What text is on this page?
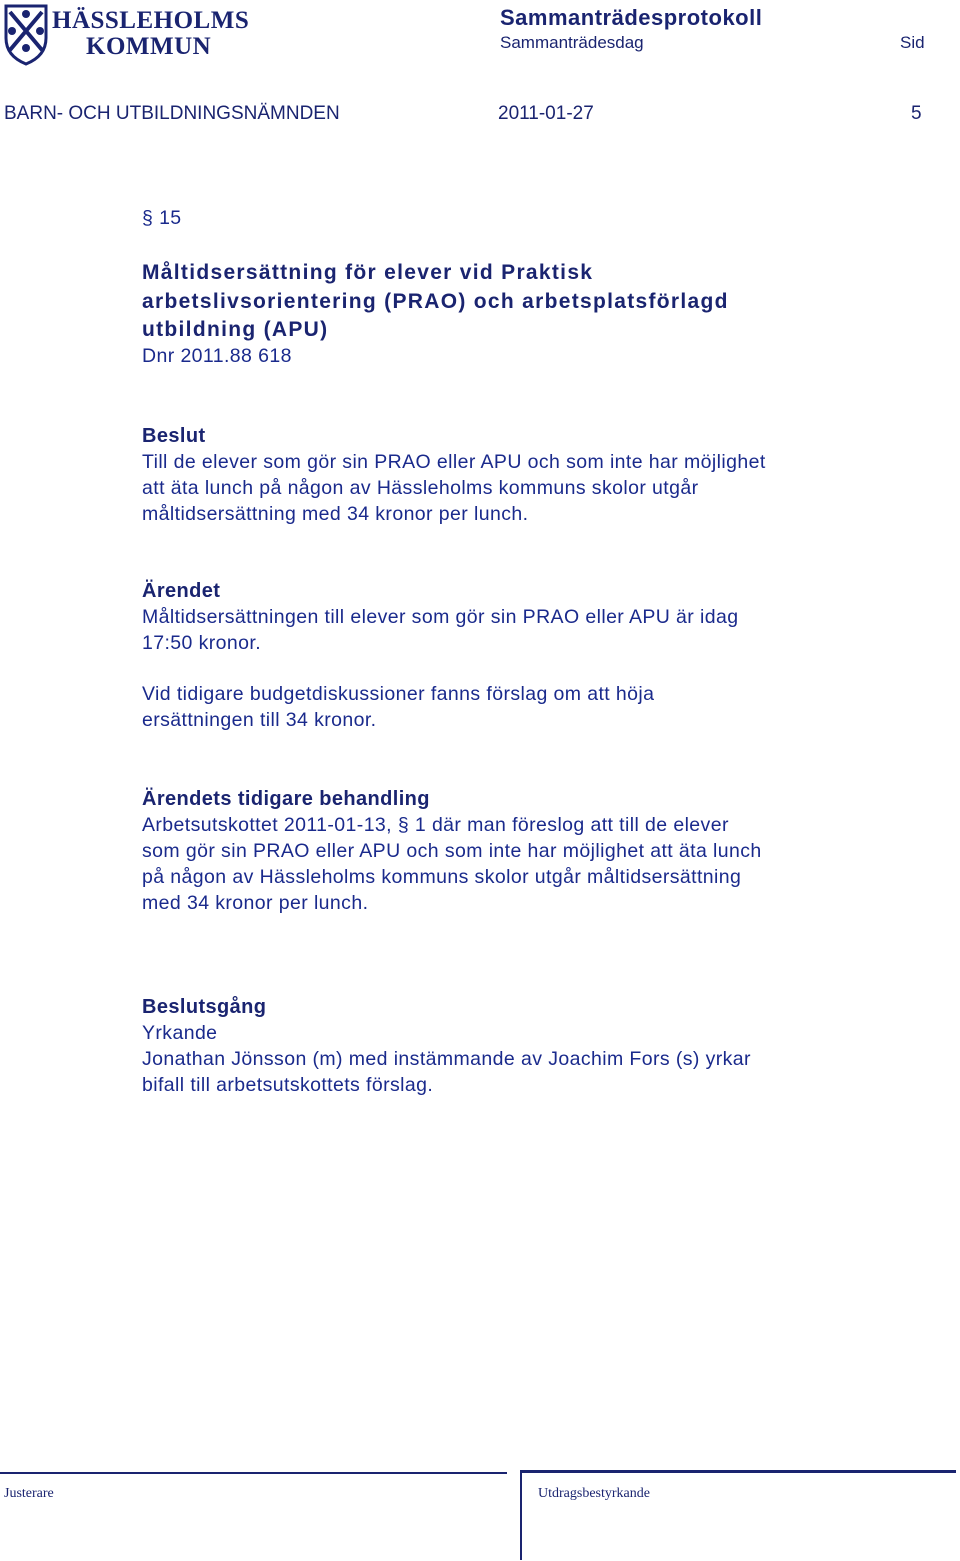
HÄSSLEHOLMS
KOMMUN
Sammanträdesprotokoll
Sammanträdesdag	Sid
BARN- OCH UTBILDNINGSNÄMNDEN	2011-01-27	5
§ 15
Måltidsersättning för elever vid Praktisk
arbetslivsorientering (PRAO) och arbetsplatsförlagd
utbildning (APU)
Dnr 2011.88 618
Beslut
Till de elever som gör sin PRAO eller APU och som inte har möjlighet
att äta lunch på någon av Hässleholms kommuns skolor utgår
måltidsersättning med 34 kronor per lunch.
Ärendet
Måltidsersättningen till elever som gör sin PRAO eller APU är idag
17:50 kronor.
Vid tidigare budgetdiskussioner fanns förslag om att höja
ersättningen till 34 kronor.
Ärendets tidigare behandling
Arbetsutskottet 2011-01-13, § 1 där man föreslog att till de elever
som gör sin PRAO eller APU och som inte har möjlighet att äta lunch
på någon av Hässleholms kommuns skolor utgår måltidsersättning
med 34 kronor per lunch.
Beslutsgång
Yrkande
Jonathan Jönsson (m) med instämmande av Joachim Fors (s) yrkar
bifall till arbetsutskottets förslag.
Justerare	Utdragsbestyrkande
